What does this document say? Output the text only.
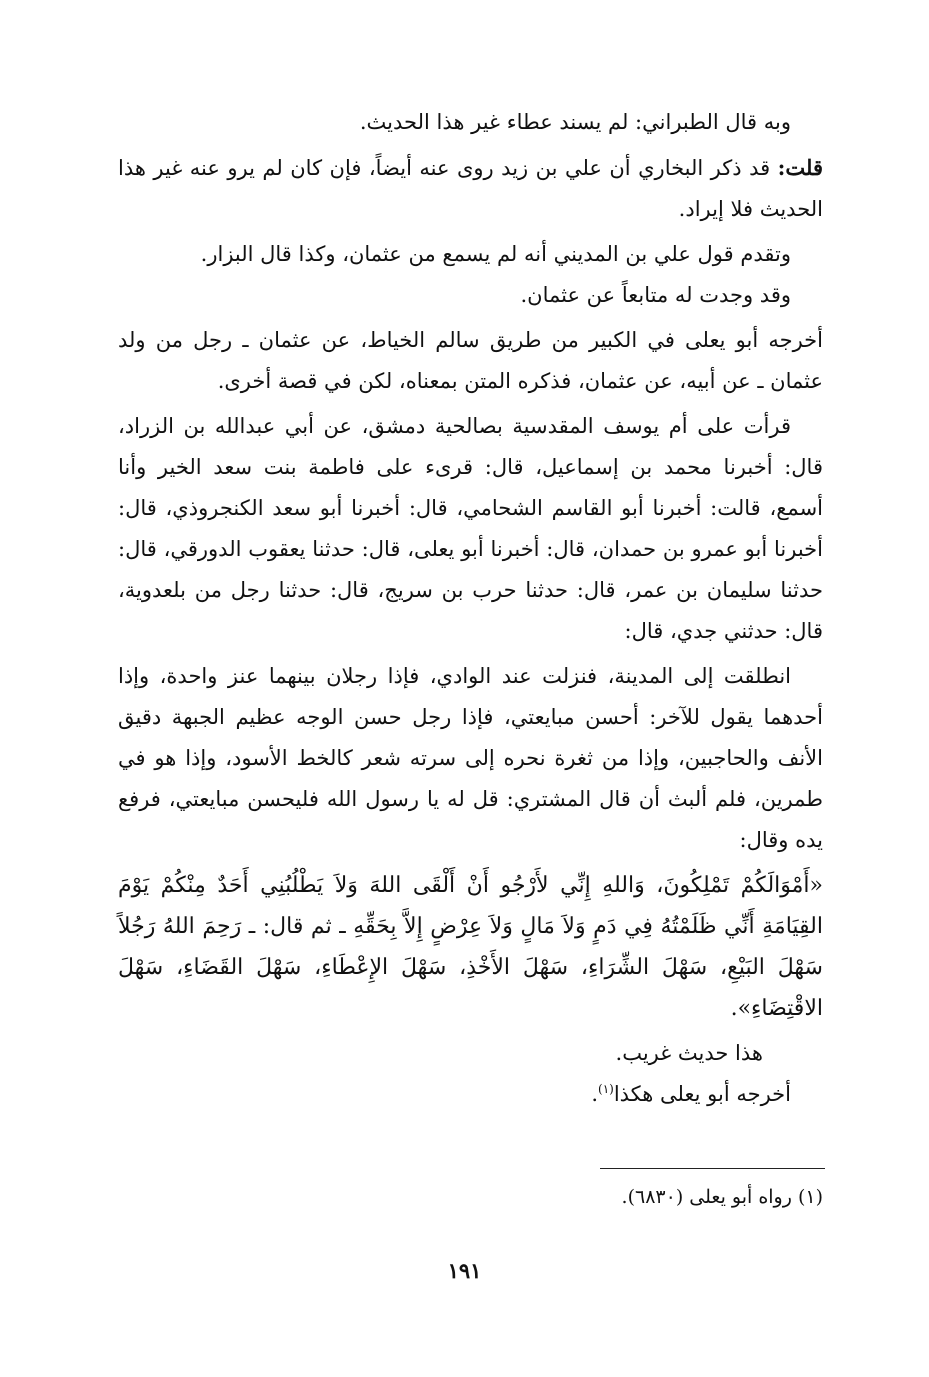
وبه قال الطبراني: لم يسند عطاء غير هذا الحديث.

قلت: قد ذكر البخاري أن علي بن زيد روى عنه أيضاً، فإن كان لم يرو عنه غير هذا الحديث فلا إيراد.

وتقدم قول علي بن المديني أنه لم يسمع من عثمان، وكذا قال البزار.

وقد وجدت له متابعاً عن عثمان.

أخرجه أبو يعلى في الكبير من طريق سالم الخياط، عن عثمان ـ رجل من ولد عثمان ـ عن أبيه، عن عثمان، فذكره المتن بمعناه، لكن في قصة أخرى.

قرأت على أم يوسف المقدسية بصالحية دمشق، عن أبي عبدالله بن الزراد، قال: أخبرنا محمد بن إسماعيل، قال: قرىء على فاطمة بنت سعد الخير وأنا أسمع، قالت: أخبرنا أبو القاسم الشحامي، قال: أخبرنا أبو سعد الكنجروذي، قال: أخبرنا أبو عمرو بن حمدان، قال: أخبرنا أبو يعلى، قال: حدثنا يعقوب الدورقي، قال: حدثنا سليمان بن عمر، قال: حدثنا حرب بن سريج، قال: حدثنا رجل من بلعدوية، قال: حدثني جدي، قال:

انطلقت إلى المدينة، فنزلت عند الوادي، فإذا رجلان بينهما عنز واحدة، وإذا أحدهما يقول للآخر: أحسن مبايعتي، فإذا رجل حسن الوجه عظيم الجبهة دقيق الأنف والحاجبين، وإذا من ثغرة نحره إلى سرته شعر كالخط الأسود، وإذا هو في طمرين، فلم ألبث أن قال المشتري: قل له يا رسول الله فليحسن مبايعتي، فرفع يده وقال:

«أَمْوَالَكُمْ تَمْلِكُونَ، وَاللهِ إِنِّي لأَرْجُو أَنْ أَلْقَى اللهَ وَلاَ يَطْلُبُنِي أَحَدٌ مِنْكُمْ يَوْمَ القِيَامَةِ أَنِّي ظَلَمْتُهُ فِي دَمٍ وَلاَ مَالٍ وَلاَ عِرْضٍ إِلاَّ بِحَقِّهِ ـ ثم قال: ـ رَحِمَ اللهُ رَجُلاً سَهْلَ البَيْعِ، سَهْلَ الشِّرَاءِ، سَهْلَ الأَخْذِ، سَهْلَ الإِعْطَاءِ، سَهْلَ القَضَاءِ، سَهْلَ الاقْتِضَاءِ».

هذا حديث غريب.

أخرجه أبو يعلى هكذا$^{(١)}$.

(١) رواه أبو يعلى (٦٨٣٠).
١٩١
